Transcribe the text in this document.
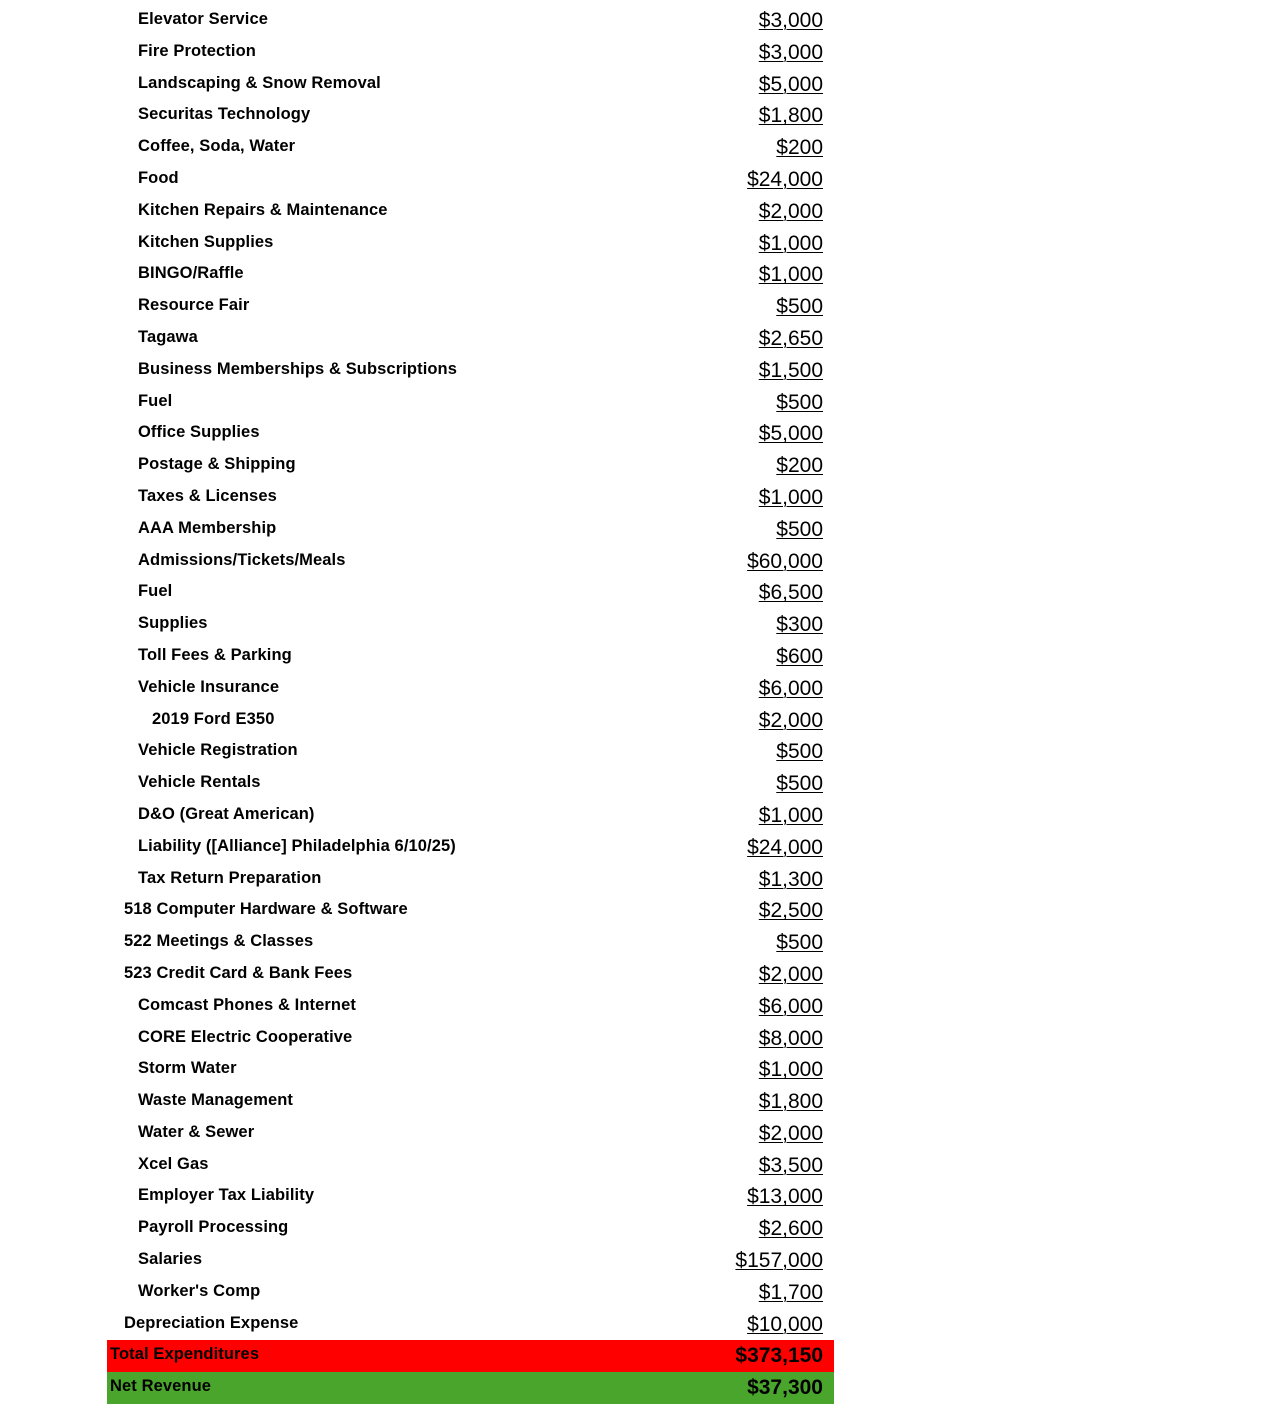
Elevator Service	$3,000
Fire Protection	$3,000
Landscaping & Snow Removal	$5,000
Securitas Technology	$1,800
Coffee, Soda, Water	$200
Food	$24,000
Kitchen Repairs & Maintenance	$2,000
Kitchen Supplies	$1,000
BINGO/Raffle	$1,000
Resource Fair	$500
Tagawa	$2,650
Business Memberships & Subscriptions	$1,500
Fuel	$500
Office Supplies	$5,000
Postage & Shipping	$200
Taxes & Licenses	$1,000
AAA Membership	$500
Admissions/Tickets/Meals	$60,000
Fuel	$6,500
Supplies	$300
Toll Fees & Parking	$600
Vehicle Insurance	$6,000
2019 Ford E350	$2,000
Vehicle Registration	$500
Vehicle Rentals	$500
D&O (Great American)	$1,000
Liability ([Alliance] Philadelphia 6/10/25)	$24,000
Tax Return Preparation	$1,300
518 Computer Hardware & Software	$2,500
522 Meetings & Classes	$500
523 Credit Card & Bank Fees	$2,000
Comcast Phones & Internet	$6,000
CORE Electric Cooperative	$8,000
Storm Water	$1,000
Waste Management	$1,800
Water & Sewer	$2,000
Xcel Gas	$3,500
Employer Tax Liability	$13,000
Payroll Processing	$2,600
Salaries	$157,000
Worker's Comp	$1,700
Depreciation Expense	$10,000
Total Expenditures	$373,150
Net Revenue	$37,300
